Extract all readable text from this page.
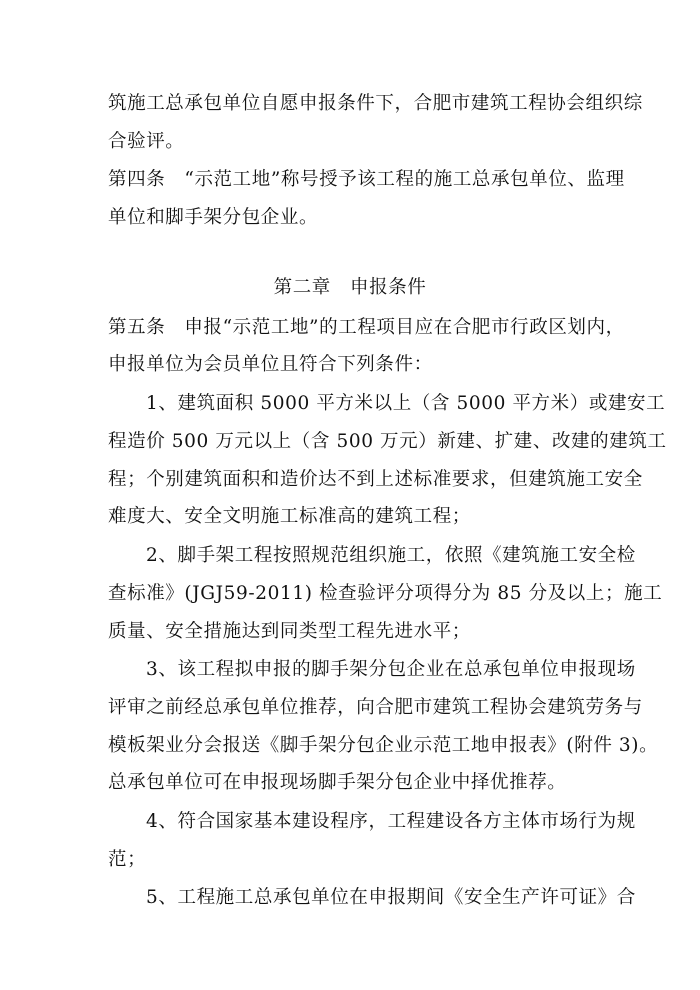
筑施工总承包单位自愿申报条件下，合肥市建筑工程协会组织综
合验评。
第四条　“示范工地”称号授予该工程的施工总承包单位、监理
单位和脚手架分包企业。
第二章　申报条件
第五条　申报“示范工地”的工程项目应在合肥市行政区划内，
申报单位为会员单位且符合下列条件：
1、建筑面积 5000 平方米以上（含 5000 平方米）或建安工
程造价 500 万元以上（含 500 万元）新建、扩建、改建的建筑工
程；个别建筑面积和造价达不到上述标准要求，但建筑施工安全
难度大、安全文明施工标准高的建筑工程；
2、脚手架工程按照规范组织施工，依照《建筑施工安全检
查标准》(JGJ59-2011) 检查验评分项得分为 85 分及以上；施工
质量、安全措施达到同类型工程先进水平；
3、该工程拟申报的脚手架分包企业在总承包单位申报现场
评审之前经总承包单位推荐，向合肥市建筑工程协会建筑劳务与
模板架业分会报送《脚手架分包企业示范工地申报表》(附件 3)。
总承包单位可在申报现场脚手架分包企业中择优推荐。
4、符合国家基本建设程序，工程建设各方主体市场行为规
范；
5、工程施工总承包单位在申报期间《安全生产许可证》合
